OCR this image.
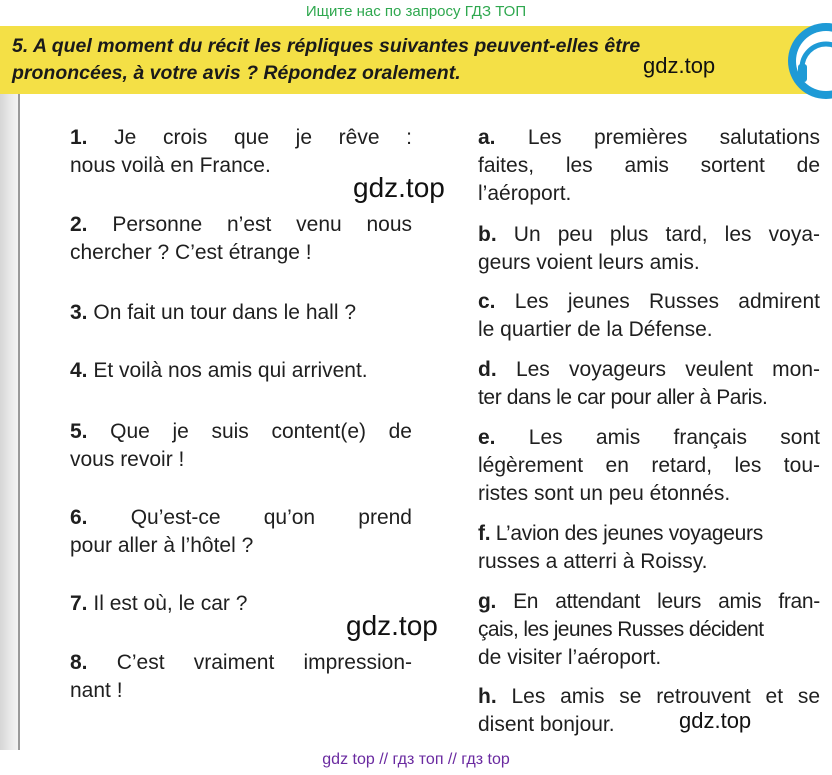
Ищите нас по запросу ГДЗ ТОП
5. A quel moment du récit les répliques suivantes peuvent-elles être
prononcées, à votre avis ? Répondez oralement.	gdz.top
1. Je crois que je rêve :
nous voilà en France.
2. Personne n’est venu nous
chercher ? C’est étrange !
3. On fait un tour dans le hall ?
4. Et voilà nos amis qui arrivent.
5. Que je suis content(e) de
vous revoir !
6. Qu’est-ce qu’on prend
pour aller à l’hôtel ?
7. Il est où, le car ?
8. C’est vraiment impression-
nant !
a. Les premières salutations
faites, les amis sortent de
l’aéroport.
b. Un peu plus tard, les voya-
geurs voient leurs amis.
c. Les jeunes Russes admirent
le quartier de la Défense.
d. Les voyageurs veulent mon-
ter dans le car pour aller à Paris.
e. Les amis français sont
légèrement en retard, les tou-
ristes sont un peu étonnés.
f. L’avion des jeunes voyageurs
russes a atterri à Roissy.
g. En attendant leurs amis fran-
çais, les jeunes Russes décident
de visiter l’aéroport.
h. Les amis se retrouvent et se
disent bonjour.
gdz.top
gdz.top
gdz.top
gdz top // гдз топ // гдз top
